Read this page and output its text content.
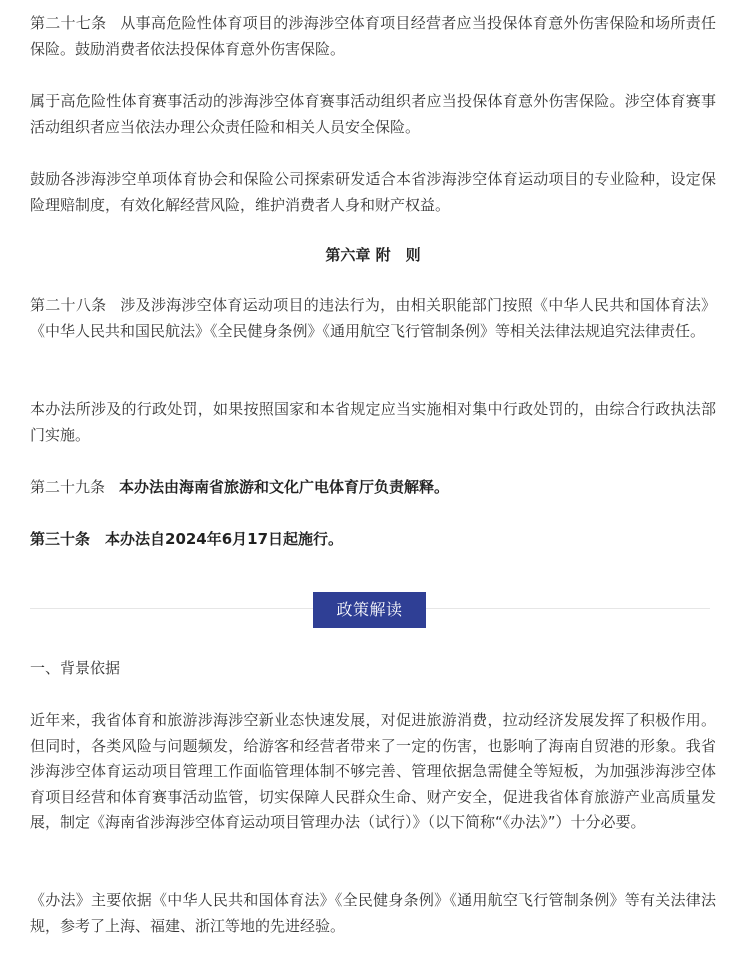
第二十七条 从事高危险性体育项目的涉海涉空体育项目经营者应当投保体育意外伤害保险和场所责任保险。鼓励消费者依法投保体育意外伤害保险。

属于高危险性体育赛事活动的涉海涉空体育赛事活动组织者应当投保体育意外伤害保险。涉空体育赛事活动组织者应当依法办理公众责任险和相关人员安全保险。

鼓励各涉海涉空单项体育协会和保险公司探索研发适合本省涉海涉空体育运动项目的专业险种，设定保险理赔制度，有效化解经营风险，维护消费者人身和财产权益。

第六章 附　则

第二十八条 涉及涉海涉空体育运动项目的违法行为，由相关职能部门按照《中华人民共和国体育法》《中华人民共和国民航法》《全民健身条例》《通用航空飞行管制条例》等相关法律法规追究法律责任。

本办法所涉及的行政处罚，如果按照国家和本省规定应当实施相对集中行政处罚的，由综合行政执法部门实施。

第二十九条 本办法由海南省旅游和文化广电体育厅负责解释。

第三十条　本办法自2024年6月17日起施行。

政策解读

一、背景依据

近年来，我省体育和旅游涉海涉空新业态快速发展，对促进旅游消费，拉动经济发展发挥了积极作用。但同时，各类风险与问题频发，给游客和经营者带来了一定的伤害，也影响了海南自贸港的形象。我省涉海涉空体育运动项目管理工作面临管理体制不够完善、管理依据急需健全等短板，为加强涉海涉空体育项目经营和体育赛事活动监管，切实保障人民群众生命、财产安全，促进我省体育旅游产业高质量发展，制定《海南省涉海涉空体育运动项目管理办法（试行）》（以下简称“《办法》”）十分必要。

《办法》主要依据《中华人民共和国体育法》《全民健身条例》《通用航空飞行管制条例》等有关法律法规，参考了上海、福建、浙江等地的先进经验。
